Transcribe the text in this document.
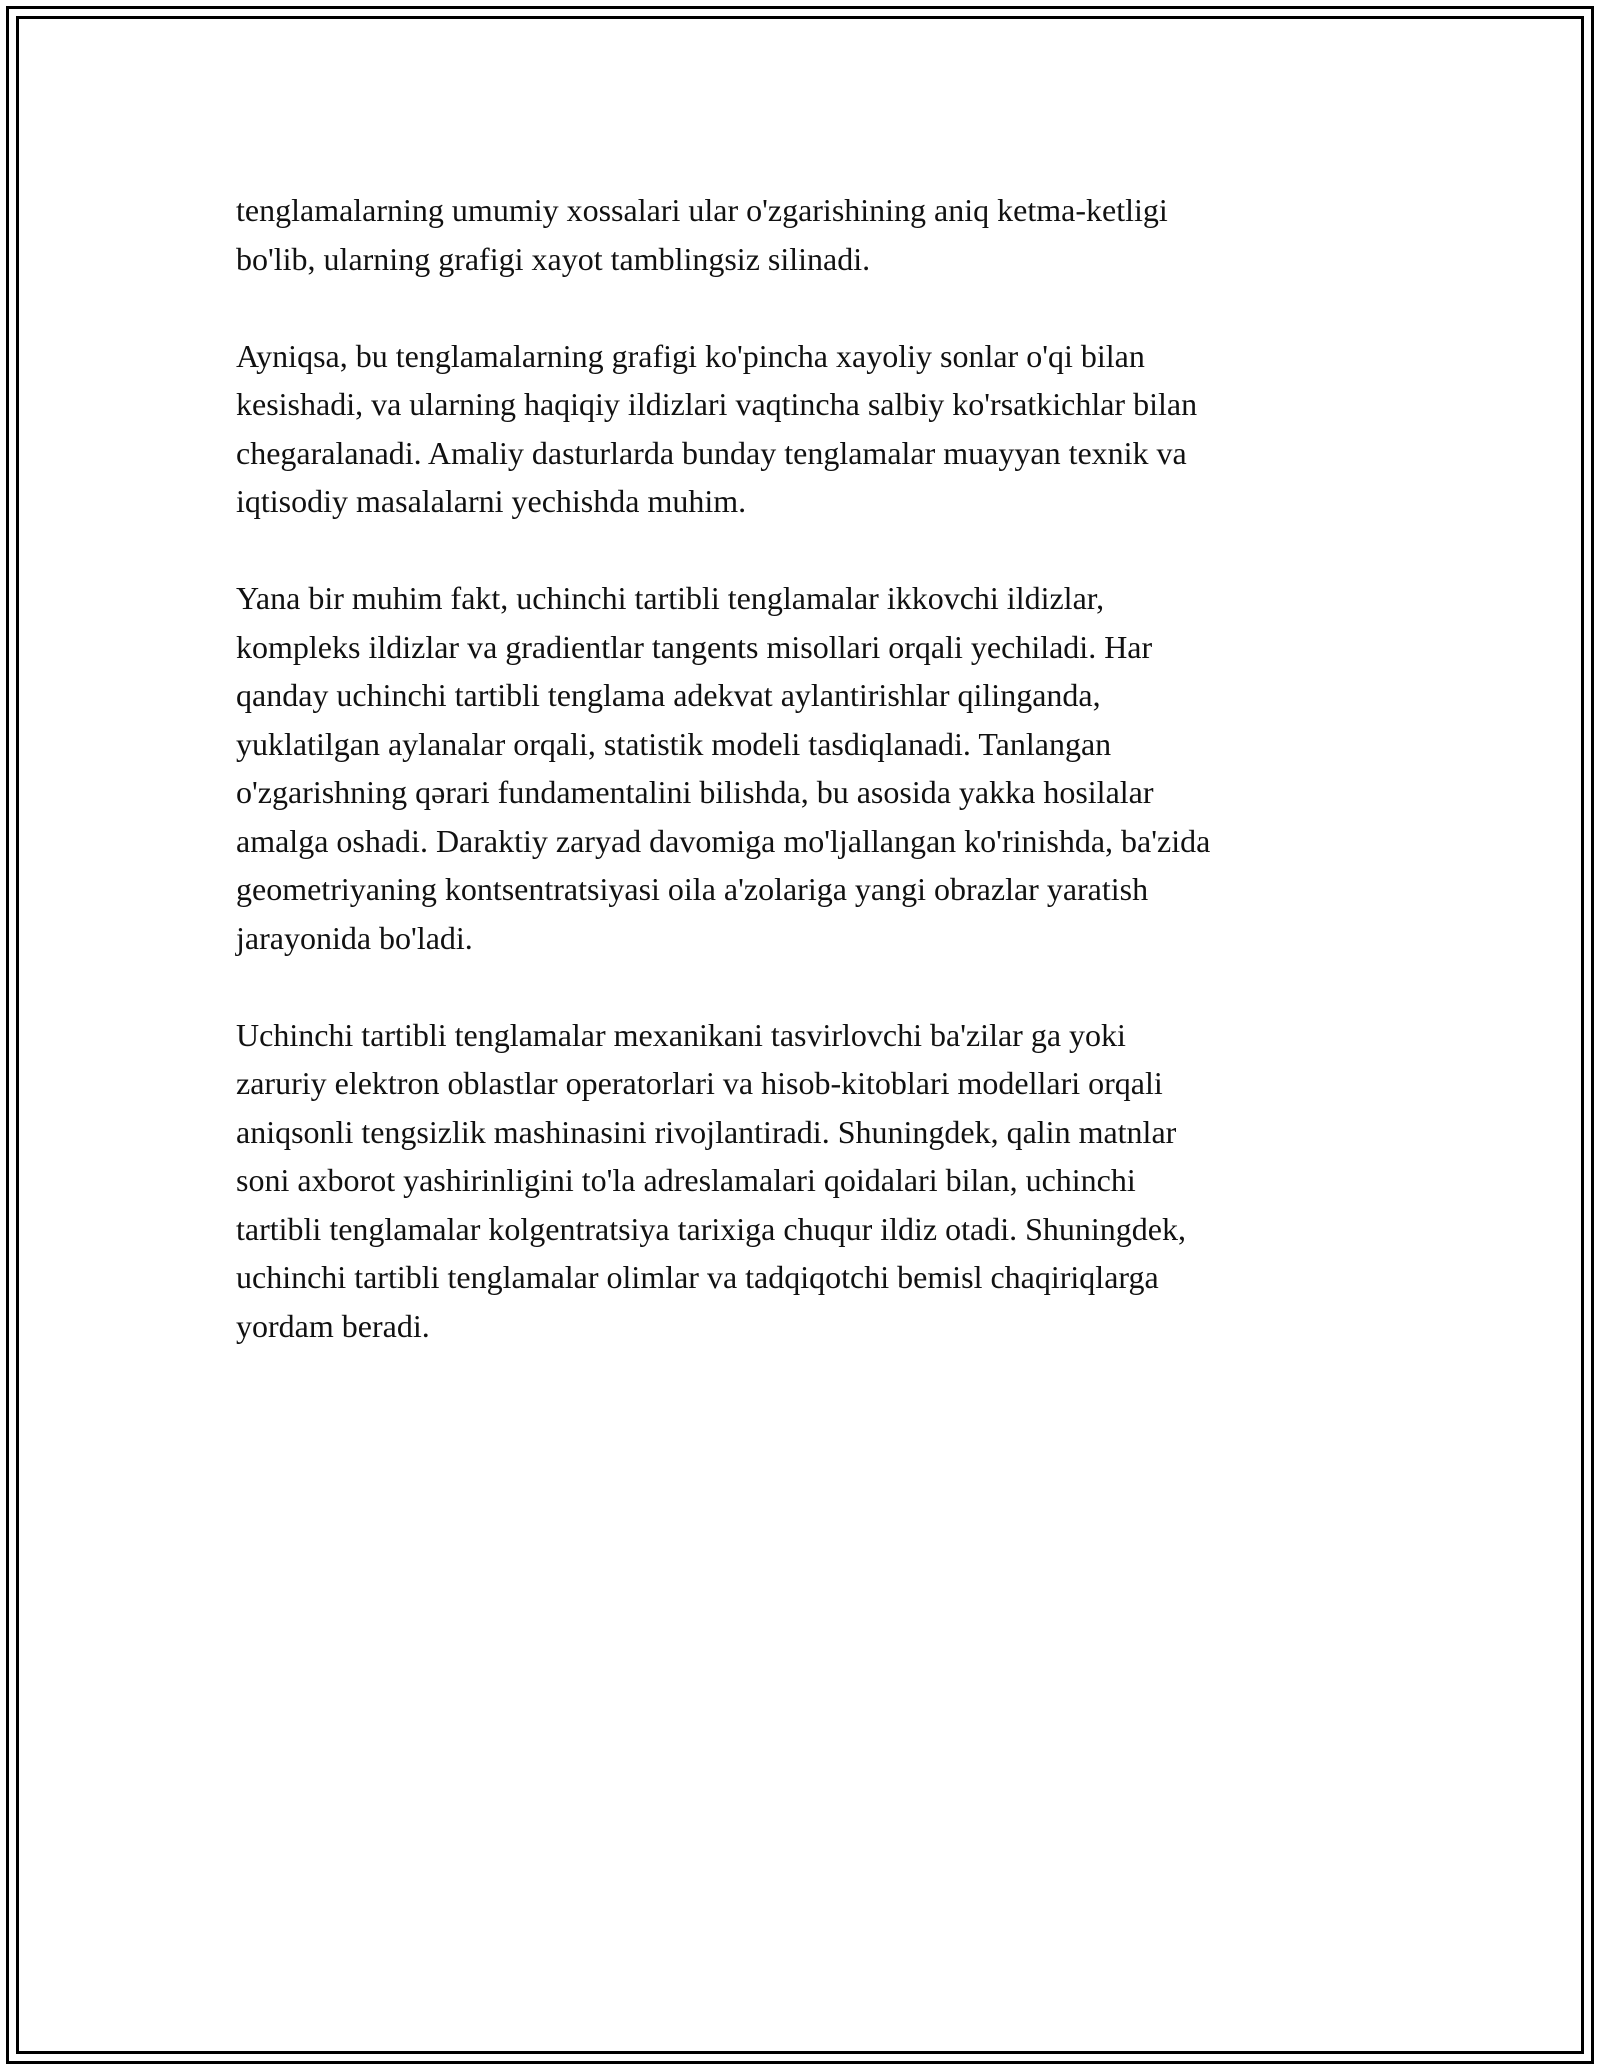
tenglamalarning umumiy xossalari ular o'zgarishining aniq ketma-ketligi
bo'lib, ularning grafigi xayot tamblingsiz silinadi.

Ayniqsa, bu tenglamalarning grafigi ko'pincha xayoliy sonlar o'qi bilan
kesishadi, va ularning haqiqiy ildizlari vaqtincha salbiy ko'rsatkichlar bilan
chegaralanadi. Amaliy dasturlarda bunday tenglamalar muayyan texnik va
iqtisodiy masalalarni yechishda muhim.

Yana bir muhim fakt, uchinchi tartibli tenglamalar ikkovchi ildizlar,
kompleks ildizlar va gradientlar tangents misollari orqali yechiladi. Har
qanday uchinchi tartibli tenglama adekvat aylantirishlar qilinganda,
yuklatilgan aylanalar orqali, statistik modeli tasdiqlanadi. Tanlangan
o'zgarishning qərari fundamentalini bilishda, bu asosida yakka hosilalar
amalga oshadi. Daraktiy zaryad davomiga mo'ljallangan ko'rinishda, ba'zida
geometriyaning kontsentratsiyasi oila a'zolariga yangi obrazlar yaratish
jarayonida bo'ladi.

Uchinchi tartibli tenglamalar mexanikani tasvirlovchi ba'zilar ga yoki
zaruriy elektron oblastlar operatorlari va hisob-kitoblari modellari orqali
aniqsonli tengsizlik mashinasini rivojlantiradi. Shuningdek, qalin matnlar
soni axborot yashirinligini to'la adreslamalari qoidalari bilan, uchinchi
tartibli tenglamalar kolgentratsiya tarixiga chuqur ildiz otadi. Shuningdek,
uchinchi tartibli tenglamalar olimlar va tadqiqotchi bemisl chaqiriqlarga
yordam beradi.
